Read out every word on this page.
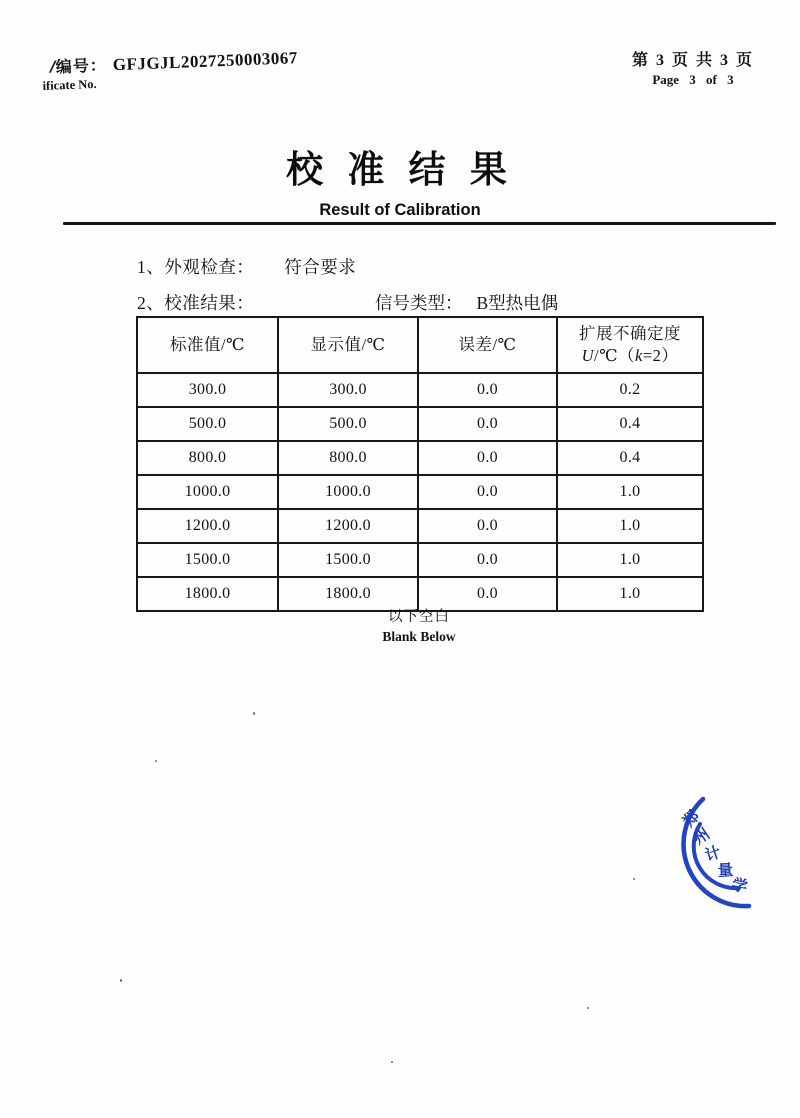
编号： GFJGJL2027250003067
ificate No.
第 3 页 共 3 页
Page 3 of 3
校 准 结 果
Result of Calibration
1、外观检查： 符合要求
2、校准结果：	信号类型： B型热电偶
标准值/℃	显示值/℃	误差/℃	扩展不确定度
U/℃（k=2）
300.0	300.0	0.0	0.2
500.0	500.0	0.0	0.4
800.0	800.0	0.0	0.4
1000.0	1000.0	0.0	1.0
1200.0	1200.0	0.0	1.0
1500.0	1500.0	0.0	1.0
1800.0	1800.0	0.0	1.0
以下空白
Blank Below
郑
州
计
量
学
